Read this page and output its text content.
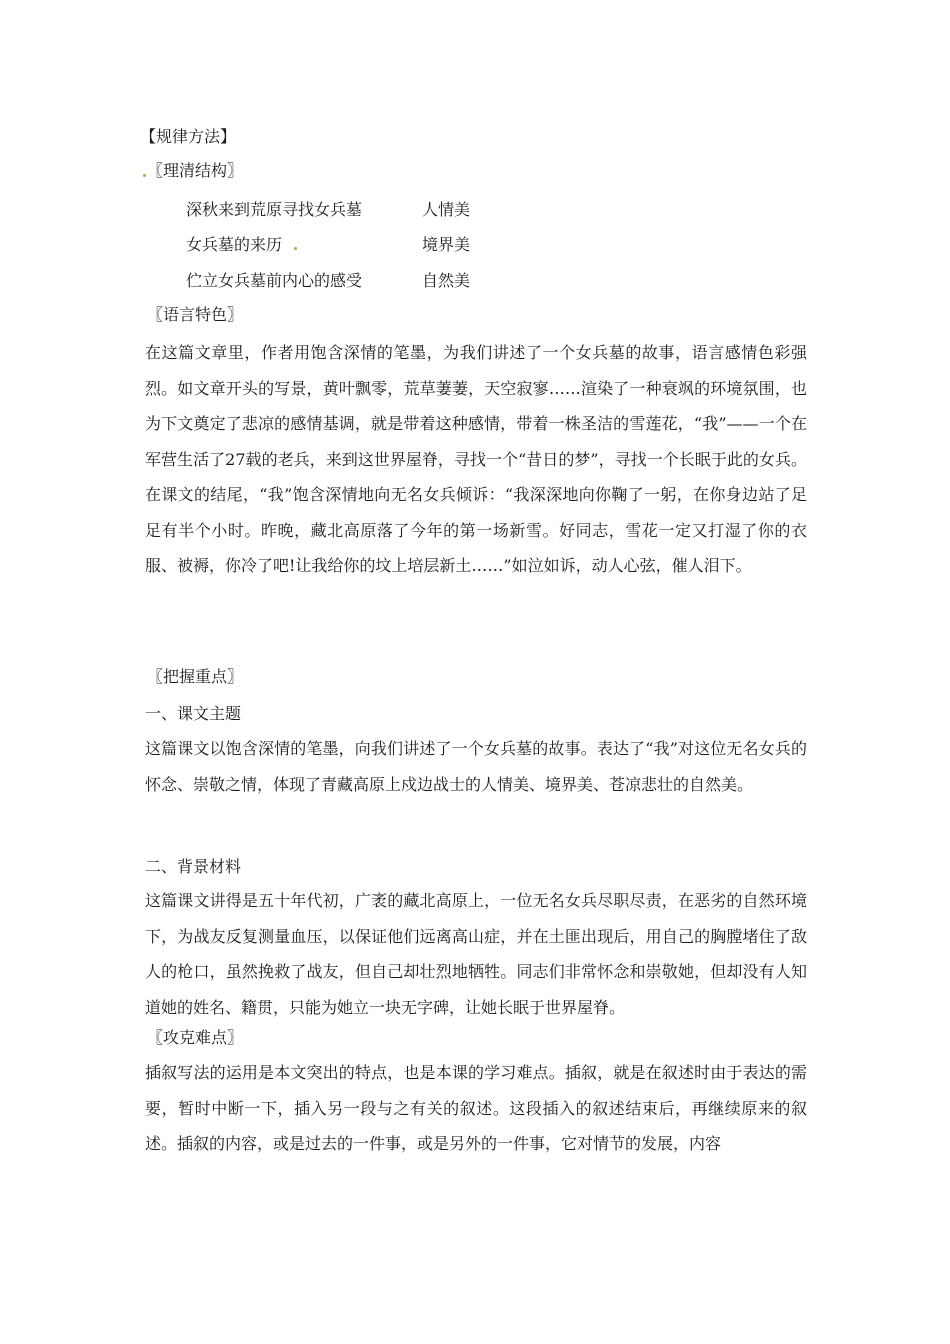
【规律方法】
〖理清结构〗
深秋来到荒原寻找女兵墓	人情美
女兵墓的来历	境界美
伫立女兵墓前内心的感受	自然美
〖语言特色〗
在这篇文章里，作者用饱含深情的笔墨，为我们讲述了一个女兵墓的故事，语言感情色彩强烈。如文章开头的写景，黄叶飘零，荒草萋萋，天空寂寥……渲染了一种衰飒的环境氛围，也为下文奠定了悲凉的感情基调，就是带着这种感情，带着一株圣洁的雪莲花，“我”——一个在军营生活了27载的老兵，来到这世界屋脊，寻找一个“昔日的梦”，寻找一个长眠于此的女兵。在课文的结尾，“我”饱含深情地向无名女兵倾诉：“我深深地向你鞠了一躬，在你身边站了足足有半个小时。昨晚，藏北高原落了今年的第一场新雪。好同志，雪花一定又打湿了你的衣服、被褥，你冷了吧!让我给你的坟上培层新土……”如泣如诉，动人心弦，催人泪下。
〖把握重点〗
一、课文主题
这篇课文以饱含深情的笔墨，向我们讲述了一个女兵墓的故事。表达了“我”对这位无名女兵的怀念、崇敬之情，体现了青藏高原上戍边战士的人情美、境界美、苍凉悲壮的自然美。
二、背景材料
这篇课文讲得是五十年代初，广袤的藏北高原上，一位无名女兵尽职尽责，在恶劣的自然环境下，为战友反复测量血压，以保证他们远离高山症，并在土匪出现后，用自己的胸膛堵住了敌人的枪口，虽然挽救了战友，但自己却壮烈地牺牲。同志们非常怀念和崇敬她，但却没有人知道她的姓名、籍贯，只能为她立一块无字碑，让她长眠于世界屋脊。
〖攻克难点〗
插叙写法的运用是本文突出的特点，也是本课的学习难点。插叙，就是在叙述时由于表达的需要，暂时中断一下，插入另一段与之有关的叙述。这段插入的叙述结束后，再继续原来的叙述。插叙的内容，或是过去的一件事，或是另外的一件事，它对情节的发展，内容
